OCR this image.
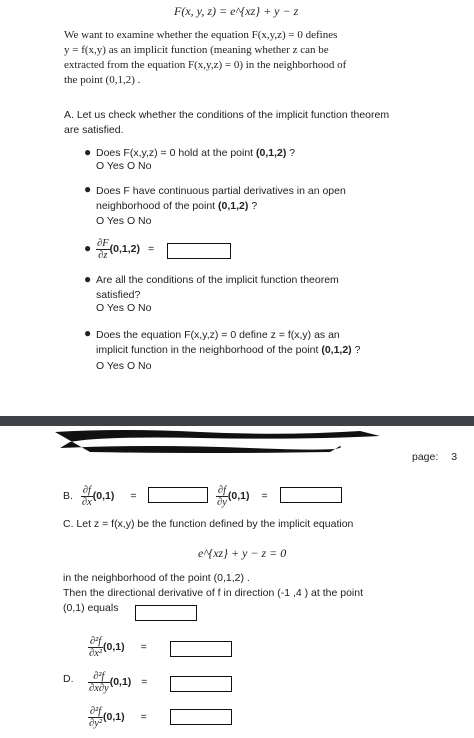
F(x, y, z) = e^{xz} + y − z
We want to examine whether the equation F(x,y,z) = 0 defines
y = f(x,y) as an implicit function (meaning whether z can be
extracted from the equation F(x,y,z) = 0) in the neighborhood of
the point (0,1,2) .
A. Let us check whether the conditions of the implicit function theorem
are satisfied.
● Does F(x,y,z) = 0 hold at the point (0,1,2) ?
O Yes O No
● Does F have continuous partial derivatives in an open
neighborhood of the point (0,1,2) ?
O Yes O No
● $\frac{\partial F}{\partial z} (0,1,2)$ =
● Are all the conditions of the implicit function theorem
satisfied?
O Yes O No
● Does the equation F(x,y,z) = 0 define z = f(x,y) as an
implicit function in the neighborhood of the point (0,1,2) ?
O Yes O No
page: 3
B. $\frac{\partial f}{\partial x} (0,1)$ =	$\frac{\partial f}{\partial y} (0,1)$ =
C. Let z = f(x,y) be the function defined by the implicit equation
e^{xz} + y − z = 0
in the neighborhood of the point (0,1,2) .
Then the directional derivative of f in direction (-1 ,4 ) at the point
(0,1) equals
D.
$\frac{\text{∂²f}}{\text{∂x²}} (0,1)$ =
$\frac{\text{∂²f}}{\partial x\partial y} (0,1)$ =
$\frac{\text{∂²f}}{\text{∂y²}} (0,1)$ =
